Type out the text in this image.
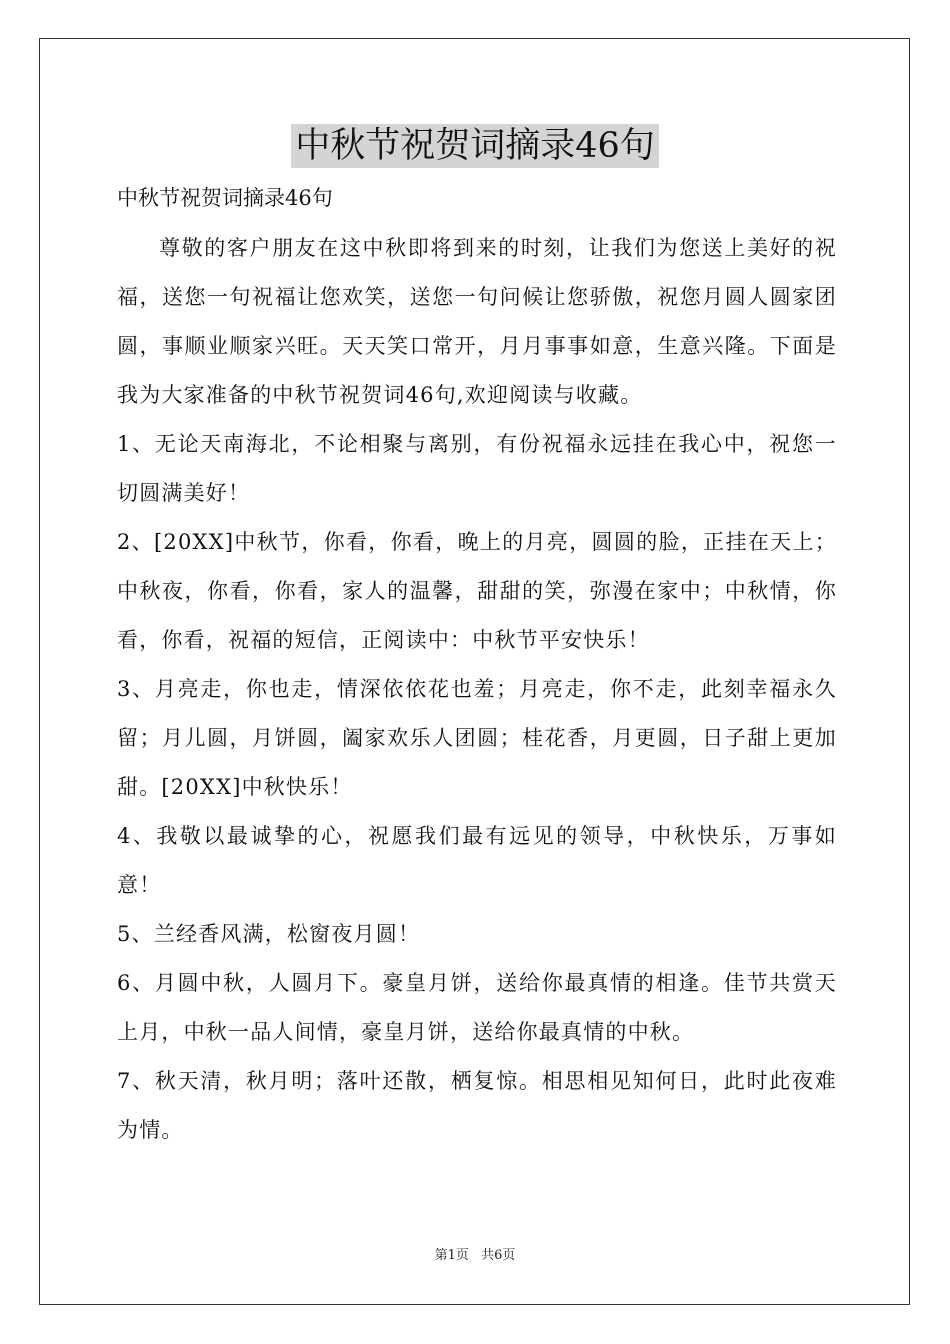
中秋节祝贺词摘录46句

中秋节祝贺词摘录46句

尊敬的客户朋友在这中秋即将到来的时刻，让我们为您送上美好的祝福，送您一句祝福让您欢笑，送您一句问候让您骄傲，祝您月圆人圆家团圆，事顺业顺家兴旺。天天笑口常开，月月事事如意，生意兴隆。下面是我为大家准备的中秋节祝贺词46句,欢迎阅读与收藏。

1、无论天南海北，不论相聚与离别，有份祝福永远挂在我心中，祝您一切圆满美好！

2、[20XX]中秋节，你看，你看，晚上的月亮，圆圆的脸，正挂在天上；中秋夜，你看，你看，家人的温馨，甜甜的笑，弥漫在家中；中秋情，你看，你看，祝福的短信，正阅读中：中秋节平安快乐！

3、月亮走，你也走，情深依依花也羞；月亮走，你不走，此刻幸福永久留；月儿圆，月饼圆，阖家欢乐人团圆；桂花香，月更圆，日子甜上更加甜。[20XX]中秋快乐！

4、我敬以最诚挚的心，祝愿我们最有远见的领导，中秋快乐，万事如意！

5、兰经香风满，松窗夜月圆！

6、月圆中秋，人圆月下。豪皇月饼，送给你最真情的相逢。佳节共赏天上月，中秋一品人间情，豪皇月饼，送给你最真情的中秋。

7、秋天清，秋月明；落叶还散，栖复惊。相思相见知何日，此时此夜难为情。

第1页 共6页
